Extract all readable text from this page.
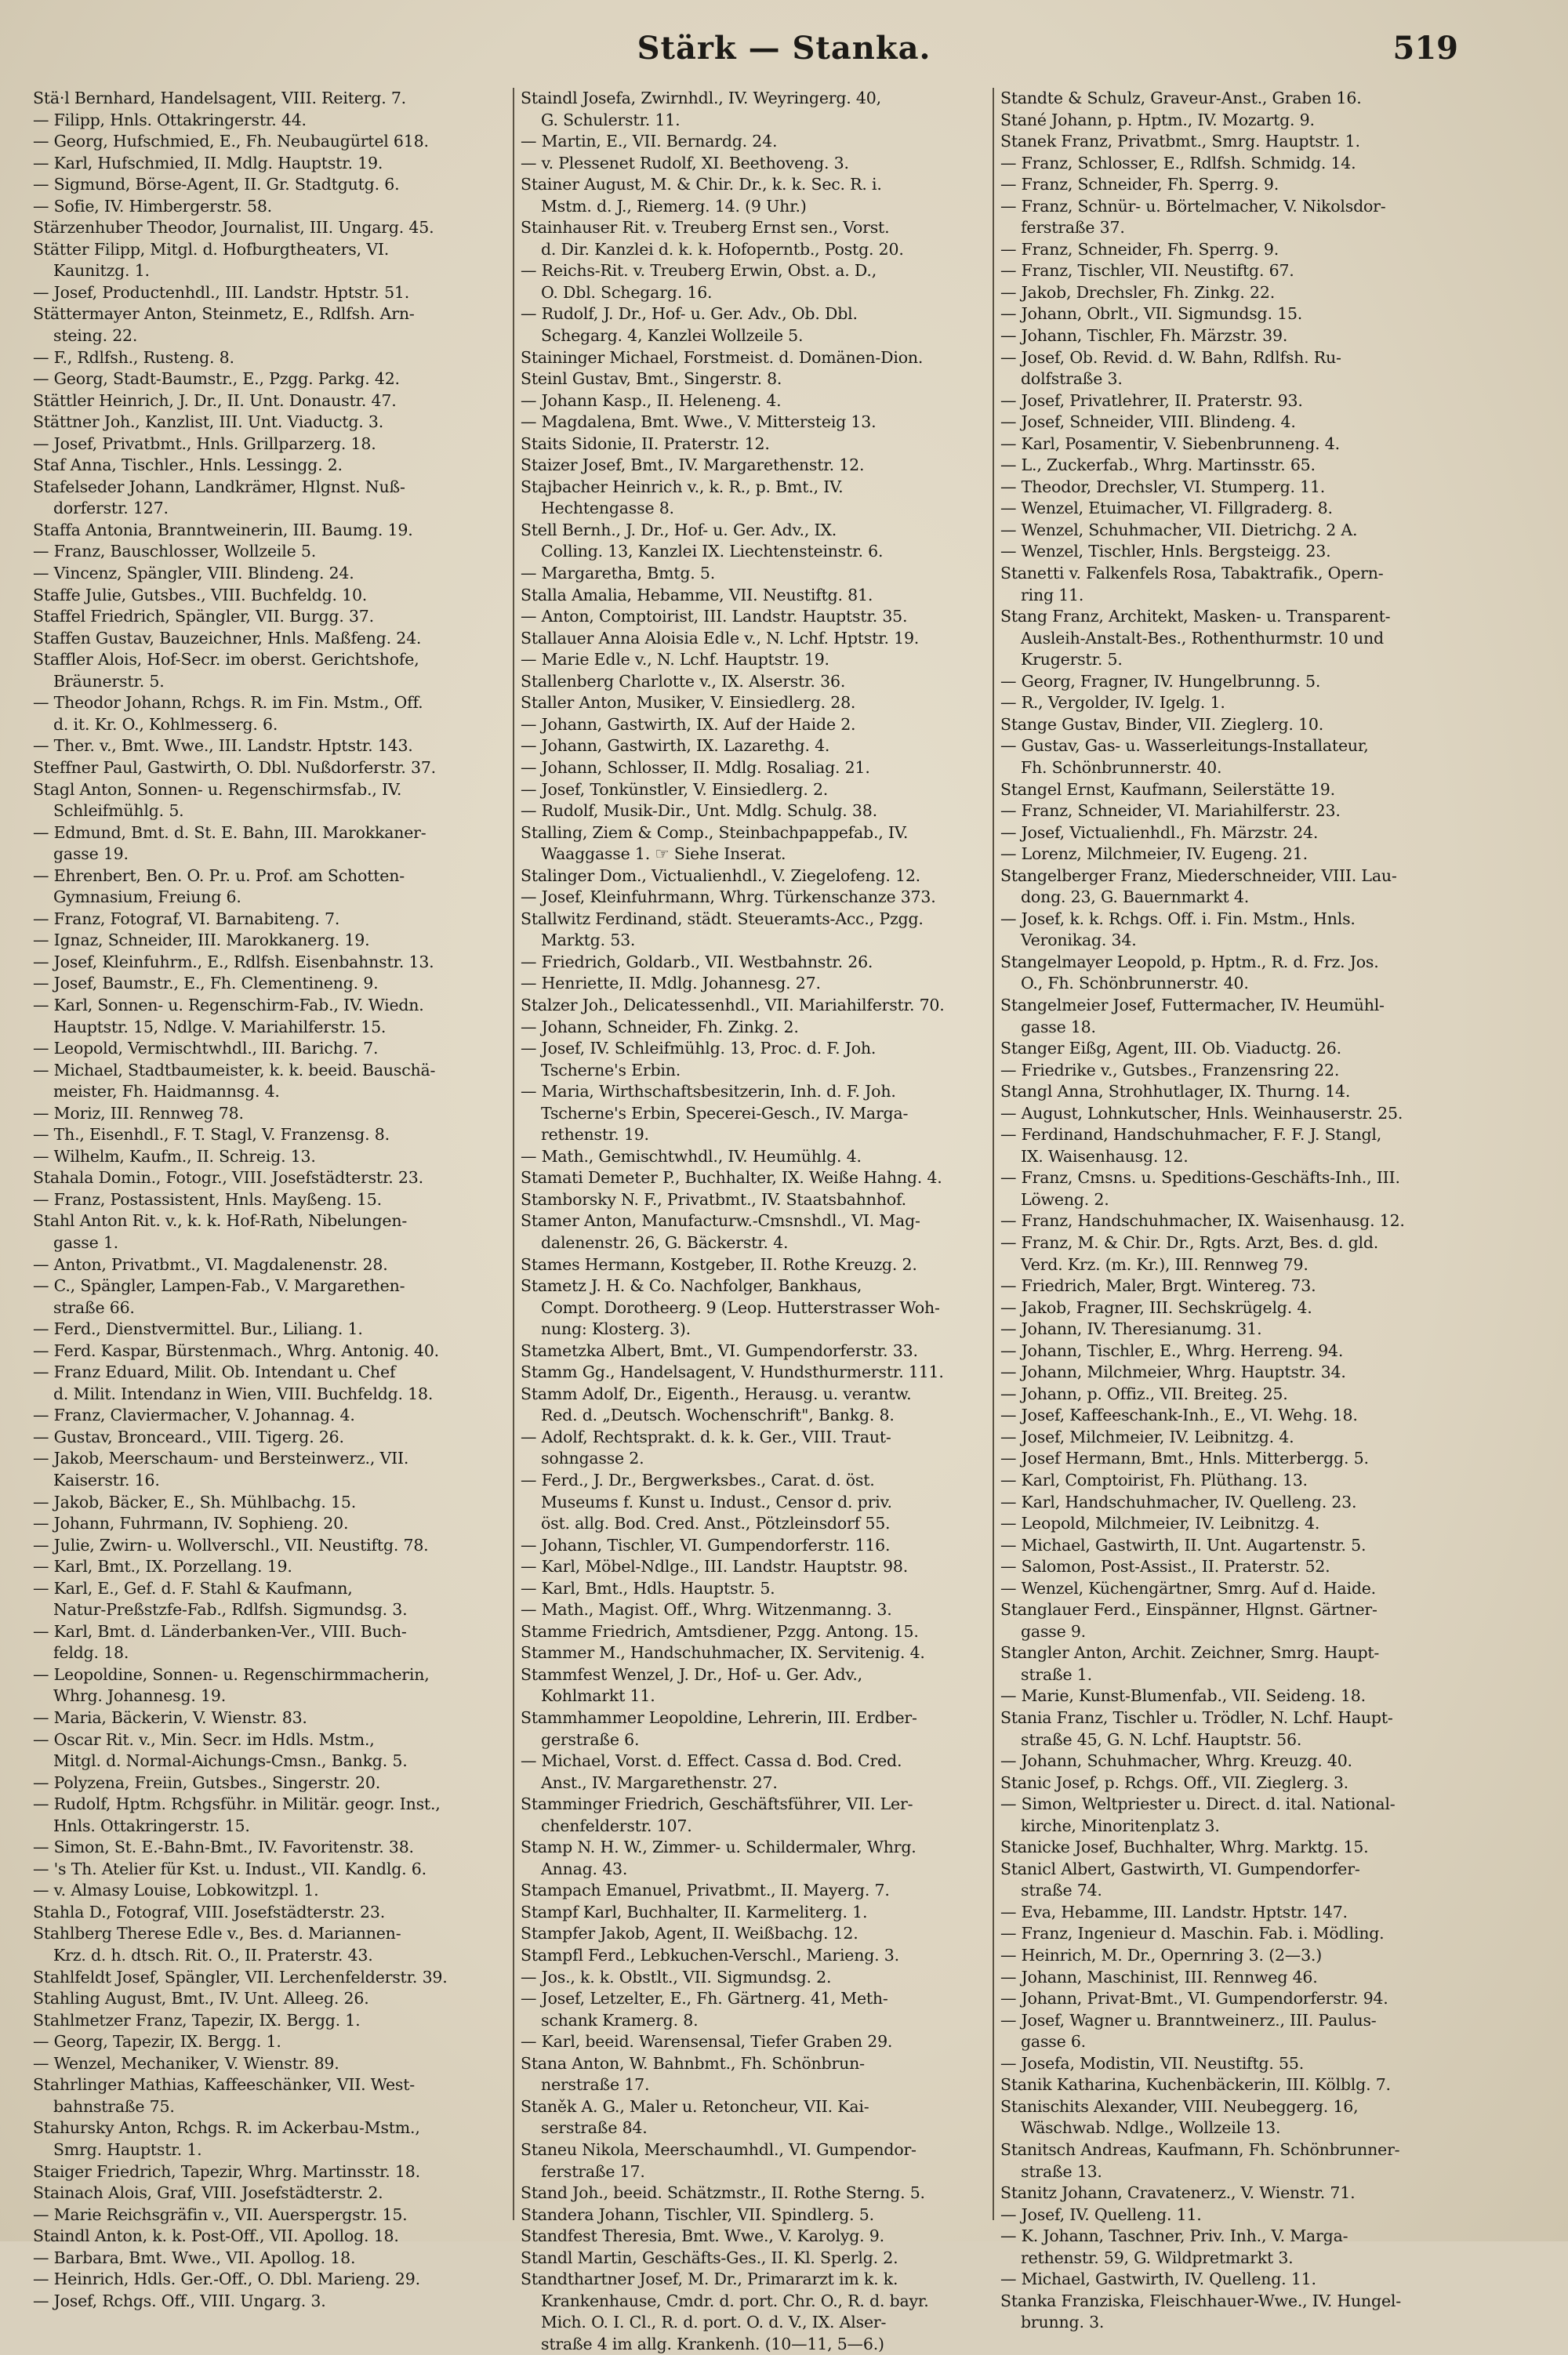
Stärk — Stanka.	519
Stä·l Bernhard, Handelsagent, VIII. Reiterg. 7.
— Filipp, Hnls. Ottakringerstr. 44.
— Georg, Hufschmied, E., Fh. Neubaugürtel 618.
— Karl, Hufschmied, II. Mdlg. Hauptstr. 19.
— Sigmund, Börse-Agent, II. Gr. Stadtgutg. 6.
— Sofie, IV. Himbergerstr. 58.
Stärzenhuber Theodor, Journalist, III. Ungarg. 45.
Stätter Filipp, Mitgl. d. Hofburgtheaters, VI.
Kaunitzg. 1.
— Josef, Productenhdl., III. Landstr. Hptstr. 51.
Stättermayer Anton, Steinmetz, E., Rdlfsh. Arn-
steing. 22.
— F., Rdlfsh., Rusteng. 8.
— Georg, Stadt-Baumstr., E., Pzgg. Parkg. 42.
Stättler Heinrich, J. Dr., II. Unt. Donaustr. 47.
Stättner Joh., Kanzlist, III. Unt. Viaductg. 3.
— Josef, Privatbmt., Hnls. Grillparzerg. 18.
Staf Anna, Tischler., Hnls. Lessingg. 2.
Stafelseder Johann, Landkrämer, Hlgnst. Nuß-
dorferstr. 127.
Staffa Antonia, Branntweinerin, III. Baumg. 19.
— Franz, Bauschlosser, Wollzeile 5.
— Vincenz, Spängler, VIII. Blindeng. 24.
Staffe Julie, Gutsbes., VIII. Buchfeldg. 10.
Staffel Friedrich, Spängler, VII. Burgg. 37.
Staffen Gustav, Bauzeichner, Hnls. Maßfeng. 24.
Staffler Alois, Hof-Secr. im oberst. Gerichtshofe,
Bräunerstr. 5.
— Theodor Johann, Rchgs. R. im Fin. Mstm., Off.
d. it. Kr. O., Kohlmesserg. 6.
— Ther. v., Bmt. Wwe., III. Landstr. Hptstr. 143.
Steffner Paul, Gastwirth, O. Dbl. Nußdorferstr. 37.
Stagl Anton, Sonnen- u. Regenschirmsfab., IV.
Schleifmühlg. 5.
— Edmund, Bmt. d. St. E. Bahn, III. Marokkaner-
gasse 19.
— Ehrenbert, Ben. O. Pr. u. Prof. am Schotten-
Gymnasium, Freiung 6.
— Franz, Fotograf, VI. Barnabiteng. 7.
— Ignaz, Schneider, III. Marokkanerg. 19.
— Josef, Kleinfuhrm., E., Rdlfsh. Eisenbahnstr. 13.
— Josef, Baumstr., E., Fh. Clementineng. 9.
— Karl, Sonnen- u. Regenschirm-Fab., IV. Wiedn.
Hauptstr. 15, Ndlge. V. Mariahilferstr. 15.
— Leopold, Vermischtwhdl., III. Barichg. 7.
— Michael, Stadtbaumeister, k. k. beeid. Bauschä-
meister, Fh. Haidmannsg. 4.
— Moriz, III. Rennweg 78.
— Th., Eisenhdl., F. T. Stagl, V. Franzensg. 8.
— Wilhelm, Kaufm., II. Schreig. 13.
Stahala Domin., Fotogr., VIII. Josefstädterstr. 23.
— Franz, Postassistent, Hnls. Mayßeng. 15.
Stahl Anton Rit. v., k. k. Hof-Rath, Nibelungen-
gasse 1.
— Anton, Privatbmt., VI. Magdalenenstr. 28.
— C., Spängler, Lampen-Fab., V. Margarethen-
straße 66.
— Ferd., Dienstvermittel. Bur., Liliang. 1.
— Ferd. Kaspar, Bürstenmach., Whrg. Antonig. 40.
— Franz Eduard, Milit. Ob. Intendant u. Chef
d. Milit. Intendanz in Wien, VIII. Buchfeldg. 18.
— Franz, Claviermacher, V. Johannag. 4.
— Gustav, Bronceard., VIII. Tigerg. 26.
— Jakob, Meerschaum- und Bersteinwerz., VII.
Kaiserstr. 16.
— Jakob, Bäcker, E., Sh. Mühlbachg. 15.
— Johann, Fuhrmann, IV. Sophieng. 20.
— Julie, Zwirn- u. Wollverschl., VII. Neustiftg. 78.
— Karl, Bmt., IX. Porzellang. 19.
— Karl, E., Gef. d. F. Stahl & Kaufmann,
Natur-Preßstzfe-Fab., Rdlfsh. Sigmundsg. 3.
— Karl, Bmt. d. Länderbanken-Ver., VIII. Buch-
feldg. 18.
— Leopoldine, Sonnen- u. Regenschirmmacherin,
Whrg. Johannesg. 19.
— Maria, Bäckerin, V. Wienstr. 83.
— Oscar Rit. v., Min. Secr. im Hdls. Mstm.,
Mitgl. d. Normal-Aichungs-Cmsn., Bankg. 5.
— Polyzena, Freiin, Gutsbes., Singerstr. 20.
— Rudolf, Hptm. Rchgsführ. in Militär. geogr. Inst.,
Hnls. Ottakringerstr. 15.
— Simon, St. E.-Bahn-Bmt., IV. Favoritenstr. 38.
— 's Th. Atelier für Kst. u. Indust., VII. Kandlg. 6.
— v. Almasy Louise, Lobkowitzpl. 1.
Stahla D., Fotograf, VIII. Josefstädterstr. 23.
Stahlberg Therese Edle v., Bes. d. Mariannen-
Krz. d. h. dtsch. Rit. O., II. Praterstr. 43.
Stahlfeldt Josef, Spängler, VII. Lerchenfelderstr. 39.
Stahling August, Bmt., IV. Unt. Alleeg. 26.
Stahlmetzer Franz, Tapezir, IX. Bergg. 1.
— Georg, Tapezir, IX. Bergg. 1.
— Wenzel, Mechaniker, V. Wienstr. 89.
Stahrlinger Mathias, Kaffeeschänker, VII. West-
bahnstraße 75.
Stahursky Anton, Rchgs. R. im Ackerbau-Mstm.,
Smrg. Hauptstr. 1.
Staiger Friedrich, Tapezir, Whrg. Martinsstr. 18.
Stainach Alois, Graf, VIII. Josefstädterstr. 2.
— Marie Reichsgräfin v., VII. Auerspergstr. 15.
Staindl Anton, k. k. Post-Off., VII. Apollog. 18.
— Barbara, Bmt. Wwe., VII. Apollog. 18.
— Heinrich, Hdls. Ger.-Off., O. Dbl. Marieng. 29.
— Josef, Rchgs. Off., VIII. Ungarg. 3.
Staindl Josefa, Zwirnhdl., IV. Weyringerg. 40,
G. Schulerstr. 11.
— Martin, E., VII. Bernardg. 24.
— v. Plessenet Rudolf, XI. Beethoveng. 3.
Stainer August, M. & Chir. Dr., k. k. Sec. R. i.
Mstm. d. J., Riemerg. 14. (9 Uhr.)
Stainhauser Rit. v. Treuberg Ernst sen., Vorst.
d. Dir. Kanzlei d. k. k. Hofoperntb., Postg. 20.
— Reichs-Rit. v. Treuberg Erwin, Obst. a. D.,
O. Dbl. Schegarg. 16.
— Rudolf, J. Dr., Hof- u. Ger. Adv., Ob. Dbl.
Schegarg. 4, Kanzlei Wollzeile 5.
Staininger Michael, Forstmeist. d. Domänen-Dion.
Steinl Gustav, Bmt., Singerstr. 8.
— Johann Kasp., II. Heleneng. 4.
— Magdalena, Bmt. Wwe., V. Mittersteig 13.
Staits Sidonie, II. Praterstr. 12.
Staizer Josef, Bmt., IV. Margarethenstr. 12.
Stajbacher Heinrich v., k. R., p. Bmt., IV.
Hechtengasse 8.
Stell Bernh., J. Dr., Hof- u. Ger. Adv., IX.
Colling. 13, Kanzlei IX. Liechtensteinstr. 6.
— Margaretha, Bmtg. 5.
Stalla Amalia, Hebamme, VII. Neustiftg. 81.
— Anton, Comptoirist, III. Landstr. Hauptstr. 35.
Stallauer Anna Aloisia Edle v., N. Lchf. Hptstr. 19.
— Marie Edle v., N. Lchf. Hauptstr. 19.
Stallenberg Charlotte v., IX. Alserstr. 36.
Staller Anton, Musiker, V. Einsiedlerg. 28.
— Johann, Gastwirth, IX. Auf der Haide 2.
— Johann, Gastwirth, IX. Lazarethg. 4.
— Johann, Schlosser, II. Mdlg. Rosaliag. 21.
— Josef, Tonkünstler, V. Einsiedlerg. 2.
— Rudolf, Musik-Dir., Unt. Mdlg. Schulg. 38.
Stalling, Ziem & Comp., Steinbachpappefab., IV.
Waaggasse 1. ☞ Siehe Inserat.
Stalinger Dom., Victualienhdl., V. Ziegelofeng. 12.
— Josef, Kleinfuhrmann, Whrg. Türkenschanze 373.
Stallwitz Ferdinand, städt. Steueramts-Acc., Pzgg.
Marktg. 53.
— Friedrich, Goldarb., VII. Westbahnstr. 26.
— Henriette, II. Mdlg. Johannesg. 27.
Stalzer Joh., Delicatessenhdl., VII. Mariahilferstr. 70.
— Johann, Schneider, Fh. Zinkg. 2.
— Josef, IV. Schleifmühlg. 13, Proc. d. F. Joh.
Tscherne's Erbin.
— Maria, Wirthschaftsbesitzerin, Inh. d. F. Joh.
Tscherne's Erbin, Specerei-Gesch., IV. Marga-
rethenstr. 19.
— Math., Gemischtwhdl., IV. Heumühlg. 4.
Stamati Demeter P., Buchhalter, IX. Weiße Hahng. 4.
Stamborsky N. F., Privatbmt., IV. Staatsbahnhof.
Stamer Anton, Manufacturw.-Cmsnshdl., VI. Mag-
dalenenstr. 26, G. Bäckerstr. 4.
Stames Hermann, Kostgeber, II. Rothe Kreuzg. 2.
Stametz J. H. & Co. Nachfolger, Bankhaus,
Compt. Dorotheerg. 9 (Leop. Hutterstrasser Woh-
nung: Klosterg. 3).
Stametzka Albert, Bmt., VI. Gumpendorferstr. 33.
Stamm Gg., Handelsagent, V. Hundsthurmerstr. 111.
Stamm Adolf, Dr., Eigenth., Herausg. u. verantw.
Red. d. „Deutsch. Wochenschrift", Bankg. 8.
— Adolf, Rechtsprakt. d. k. k. Ger., VIII. Traut-
sohngasse 2.
— Ferd., J. Dr., Bergwerksbes., Carat. d. öst.
Museums f. Kunst u. Indust., Censor d. priv.
öst. allg. Bod. Cred. Anst., Pötzleinsdorf 55.
— Johann, Tischler, VI. Gumpendorferstr. 116.
— Karl, Möbel-Ndlge., III. Landstr. Hauptstr. 98.
— Karl, Bmt., Hdls. Hauptstr. 5.
— Math., Magist. Off., Whrg. Witzenmanng. 3.
Stamme Friedrich, Amtsdiener, Pzgg. Antong. 15.
Stammer M., Handschuhmacher, IX. Servitenig. 4.
Stammfest Wenzel, J. Dr., Hof- u. Ger. Adv.,
Kohlmarkt 11.
Stammhammer Leopoldine, Lehrerin, III. Erdber-
gerstraße 6.
— Michael, Vorst. d. Effect. Cassa d. Bod. Cred.
Anst., IV. Margarethenstr. 27.
Stamminger Friedrich, Geschäftsführer, VII. Ler-
chenfelderstr. 107.
Stamp N. H. W., Zimmer- u. Schildermaler, Whrg.
Annag. 43.
Stampach Emanuel, Privatbmt., II. Mayerg. 7.
Stampf Karl, Buchhalter, II. Karmeliterg. 1.
Stampfer Jakob, Agent, II. Weißbachg. 12.
Stampfl Ferd., Lebkuchen-Verschl., Marieng. 3.
— Jos., k. k. Obstlt., VII. Sigmundsg. 2.
— Josef, Letzelter, E., Fh. Gärtnerg. 41, Meth-
schank Kramerg. 8.
— Karl, beeid. Warensensal, Tiefer Graben 29.
Stana Anton, W. Bahnbmt., Fh. Schönbrun-
nerstraße 17.
Staněk A. G., Maler u. Retoncheur, VII. Kai-
serstraße 84.
Staneu Nikola, Meerschaumhdl., VI. Gumpendor-
ferstraße 17.
Stand Joh., beeid. Schätzmstr., II. Rothe Sterng. 5.
Standera Johann, Tischler, VII. Spindlerg. 5.
Standfest Theresia, Bmt. Wwe., V. Karolyg. 9.
Standl Martin, Geschäfts-Ges., II. Kl. Sperlg. 2.
Standthartner Josef, M. Dr., Primararzt im k. k.
Krankenhause, Cmdr. d. port. Chr. O., R. d. bayr.
Mich. O. I. Cl., R. d. port. O. d. V., IX. Alser-
straße 4 im allg. Krankenh. (10—11, 5—6.)
Standte & Schulz, Graveur-Anst., Graben 16.
Stané Johann, p. Hptm., IV. Mozartg. 9.
Stanek Franz, Privatbmt., Smrg. Hauptstr. 1.
— Franz, Schlosser, E., Rdlfsh. Schmidg. 14.
— Franz, Schneider, Fh. Sperrg. 9.
— Franz, Schnür- u. Börtelmacher, V. Nikolsdor-
ferstraße 37.
— Franz, Schneider, Fh. Sperrg. 9.
— Franz, Tischler, VII. Neustiftg. 67.
— Jakob, Drechsler, Fh. Zinkg. 22.
— Johann, Obrlt., VII. Sigmundsg. 15.
— Johann, Tischler, Fh. Märzstr. 39.
— Josef, Ob. Revid. d. W. Bahn, Rdlfsh. Ru-
dolfstraße 3.
— Josef, Privatlehrer, II. Praterstr. 93.
— Josef, Schneider, VIII. Blindeng. 4.
— Karl, Posamentir, V. Siebenbrunneng. 4.
— L., Zuckerfab., Whrg. Martinsstr. 65.
— Theodor, Drechsler, VI. Stumperg. 11.
— Wenzel, Etuimacher, VI. Fillgraderg. 8.
— Wenzel, Schuhmacher, VII. Dietrichg. 2 A.
— Wenzel, Tischler, Hnls. Bergsteigg. 23.
Stanetti v. Falkenfels Rosa, Tabaktrafik., Opern-
ring 11.
Stang Franz, Architekt, Masken- u. Transparent-
Ausleih-Anstalt-Bes., Rothenthurmstr. 10 und
Krugerstr. 5.
— Georg, Fragner, IV. Hungelbrunng. 5.
— R., Vergolder, IV. Igelg. 1.
Stange Gustav, Binder, VII. Zieglerg. 10.
— Gustav, Gas- u. Wasserleitungs-Installateur,
Fh. Schönbrunnerstr. 40.
Stangel Ernst, Kaufmann, Seilerstätte 19.
— Franz, Schneider, VI. Mariahilferstr. 23.
— Josef, Victualienhdl., Fh. Märzstr. 24.
— Lorenz, Milchmeier, IV. Eugeng. 21.
Stangelberger Franz, Miederschneider, VIII. Lau-
dong. 23, G. Bauernmarkt 4.
— Josef, k. k. Rchgs. Off. i. Fin. Mstm., Hnls.
Veronikag. 34.
Stangelmayer Leopold, p. Hptm., R. d. Frz. Jos.
O., Fh. Schönbrunnerstr. 40.
Stangelmeier Josef, Futtermacher, IV. Heumühl-
gasse 18.
Stanger Eißg, Agent, III. Ob. Viaductg. 26.
— Friedrike v., Gutsbes., Franzensring 22.
Stangl Anna, Strohhutlager, IX. Thurng. 14.
— August, Lohnkutscher, Hnls. Weinhauserstr. 25.
— Ferdinand, Handschuhmacher, F. F. J. Stangl,
IX. Waisenhausg. 12.
— Franz, Cmsns. u. Speditions-Geschäfts-Inh., III.
Löweng. 2.
— Franz, Handschuhmacher, IX. Waisenhausg. 12.
— Franz, M. & Chir. Dr., Rgts. Arzt, Bes. d. gld.
Verd. Krz. (m. Kr.), III. Rennweg 79.
— Friedrich, Maler, Brgt. Wintereg. 73.
— Jakob, Fragner, III. Sechskrügelg. 4.
— Johann, IV. Theresianumg. 31.
— Johann, Tischler, E., Whrg. Herreng. 94.
— Johann, Milchmeier, Whrg. Hauptstr. 34.
— Johann, p. Offiz., VII. Breiteg. 25.
— Josef, Kaffeeschank-Inh., E., VI. Wehg. 18.
— Josef, Milchmeier, IV. Leibnitzg. 4.
— Josef Hermann, Bmt., Hnls. Mitterbergg. 5.
— Karl, Comptoirist, Fh. Plüthang. 13.
— Karl, Handschuhmacher, IV. Quelleng. 23.
— Leopold, Milchmeier, IV. Leibnitzg. 4.
— Michael, Gastwirth, II. Unt. Augartenstr. 5.
— Salomon, Post-Assist., II. Praterstr. 52.
— Wenzel, Küchengärtner, Smrg. Auf d. Haide.
Stanglauer Ferd., Einspänner, Hlgnst. Gärtner-
gasse 9.
Stangler Anton, Archit. Zeichner, Smrg. Haupt-
straße 1.
— Marie, Kunst-Blumenfab., VII. Seideng. 18.
Stania Franz, Tischler u. Trödler, N. Lchf. Haupt-
straße 45, G. N. Lchf. Hauptstr. 56.
— Johann, Schuhmacher, Whrg. Kreuzg. 40.
Stanic Josef, p. Rchgs. Off., VII. Zieglerg. 3.
— Simon, Weltpriester u. Direct. d. ital. National-
kirche, Minoritenplatz 3.
Stanicke Josef, Buchhalter, Whrg. Marktg. 15.
Stanicl Albert, Gastwirth, VI. Gumpendorfer-
straße 74.
— Eva, Hebamme, III. Landstr. Hptstr. 147.
— Franz, Ingenieur d. Maschin. Fab. i. Mödling.
— Heinrich, M. Dr., Opernring 3. (2—3.)
— Johann, Maschinist, III. Rennweg 46.
— Johann, Privat-Bmt., VI. Gumpendorferstr. 94.
— Josef, Wagner u. Branntweinerz., III. Paulus-
gasse 6.
— Josefa, Modistin, VII. Neustiftg. 55.
Stanik Katharina, Kuchenbäckerin, III. Kölblg. 7.
Stanischits Alexander, VIII. Neubeggerg. 16,
Wäschwab. Ndlge., Wollzeile 13.
Stanitsch Andreas, Kaufmann, Fh. Schönbrunner-
straße 13.
Stanitz Johann, Cravatenerz., V. Wienstr. 71.
— Josef, IV. Quelleng. 11.
— K. Johann, Taschner, Priv. Inh., V. Marga-
rethenstr. 59, G. Wildpretmarkt 3.
— Michael, Gastwirth, IV. Quelleng. 11.
Stanka Franziska, Fleischhauer-Wwe., IV. Hungel-
brunng. 3.
